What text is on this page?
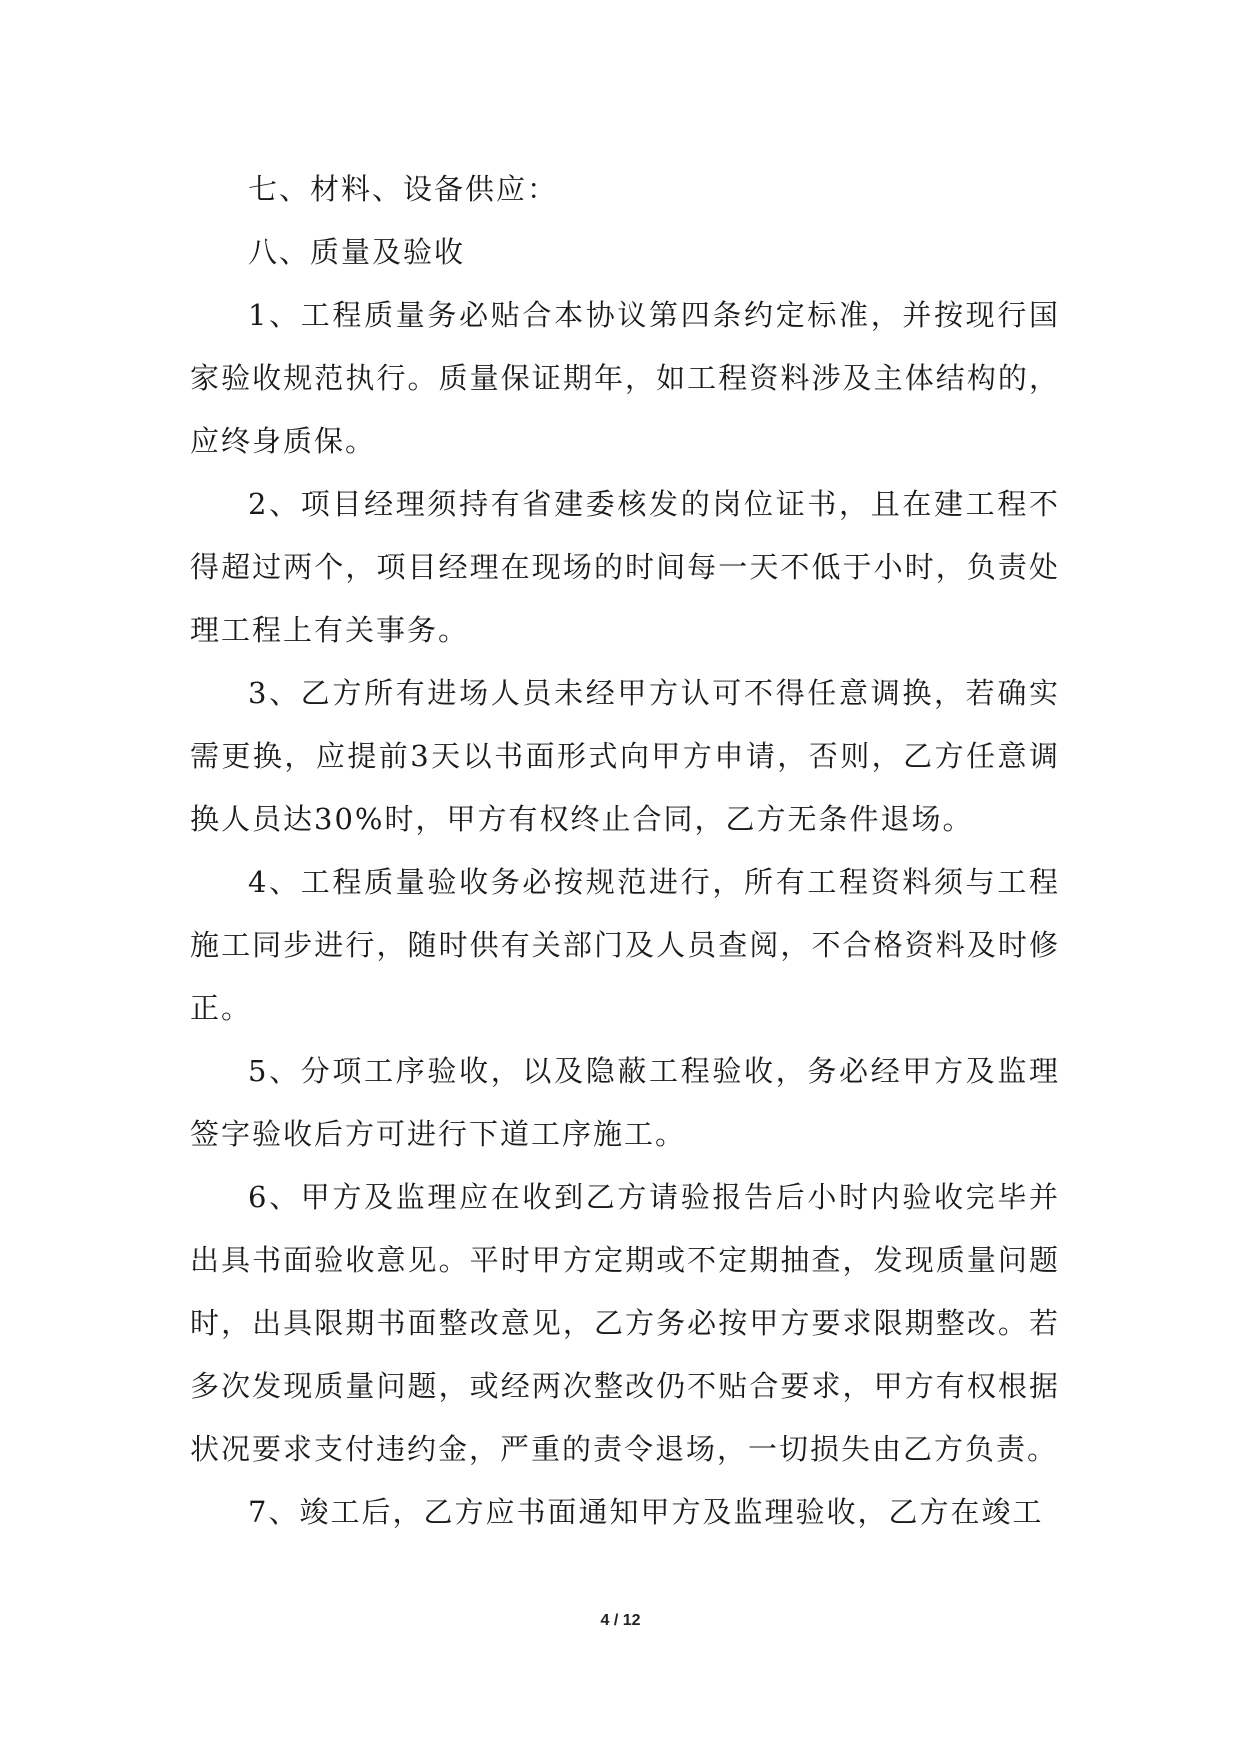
七、材料、设备供应：

八、质量及验收

1、工程质量务必贴合本协议第四条约定标准，并按现行国家验收规范执行。质量保证期年，如工程资料涉及主体结构的，应终身质保。

2、项目经理须持有省建委核发的岗位证书，且在建工程不得超过两个，项目经理在现场的时间每一天不低于小时，负责处理工程上有关事务。

3、乙方所有进场人员未经甲方认可不得任意调换，若确实需更换，应提前3天以书面形式向甲方申请，否则，乙方任意调换人员达30%时，甲方有权终止合同，乙方无条件退场。

4、工程质量验收务必按规范进行，所有工程资料须与工程施工同步进行，随时供有关部门及人员查阅，不合格资料及时修正。

5、分项工序验收，以及隐蔽工程验收，务必经甲方及监理签字验收后方可进行下道工序施工。

6、甲方及监理应在收到乙方请验报告后小时内验收完毕并出具书面验收意见。平时甲方定期或不定期抽查，发现质量问题时，出具限期书面整改意见，乙方务必按甲方要求限期整改。若多次发现质量问题，或经两次整改仍不贴合要求，甲方有权根据状况要求支付违约金，严重的责令退场，一切损失由乙方负责。

7、竣工后，乙方应书面通知甲方及监理验收，乙方在竣工

4 / 12
